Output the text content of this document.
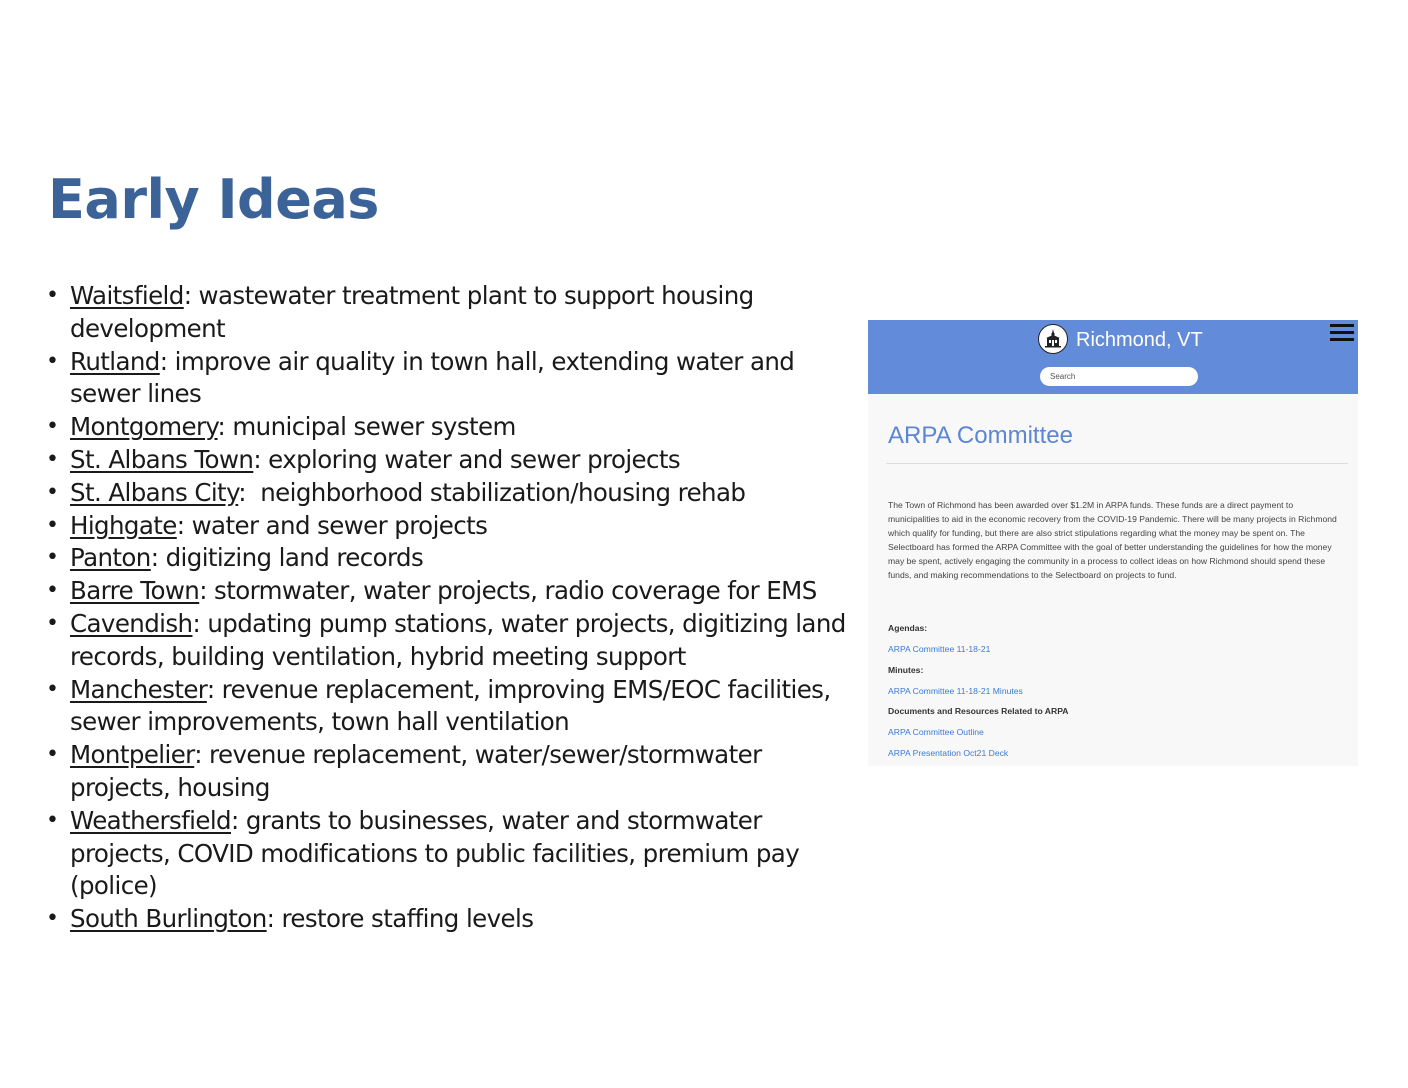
Early Ideas
• Waitsfield: wastewater treatment plant to support housing development
• Rutland: improve air quality in town hall, extending water and sewer lines
• Montgomery: municipal sewer system
• St. Albans Town: exploring water and sewer projects
• St. Albans City:  neighborhood stabilization/housing rehab
• Highgate: water and sewer projects
• Panton: digitizing land records
• Barre Town: stormwater, water projects, radio coverage for EMS
• Cavendish: updating pump stations, water projects, digitizing land records, building ventilation, hybrid meeting support
• Manchester: revenue replacement, improving EMS/EOC facilities, sewer improvements, town hall ventilation
• Montpelier: revenue replacement, water/sewer/stormwater projects, housing
• Weathersfield: grants to businesses, water and stormwater projects, COVID modifications to public facilities, premium pay (police)
• South Burlington: restore staffing levels
Richmond, VT
Search
ARPA Committee

The Town of Richmond has been awarded over $1.2M in ARPA funds. These funds are a direct payment to municipalities to aid in the economic recovery from the COVID-19 Pandemic. There will be many projects in Richmond which qualify for funding, but there are also strict stipulations regarding what the money may be spent on. The Selectboard has formed the ARPA Committee with the goal of better understanding the guidelines for how the money may be spent, actively engaging the community in a process to collect ideas on how Richmond should spend these funds, and making recommendations to the Selectboard on projects to fund.

Agendas:

ARPA Committee 11-18-21

Minutes:

ARPA Committee 11-18-21 Minutes

Documents and Resources Related to ARPA

ARPA Committee Outline
ARPA Presentation Oct21 Deck
